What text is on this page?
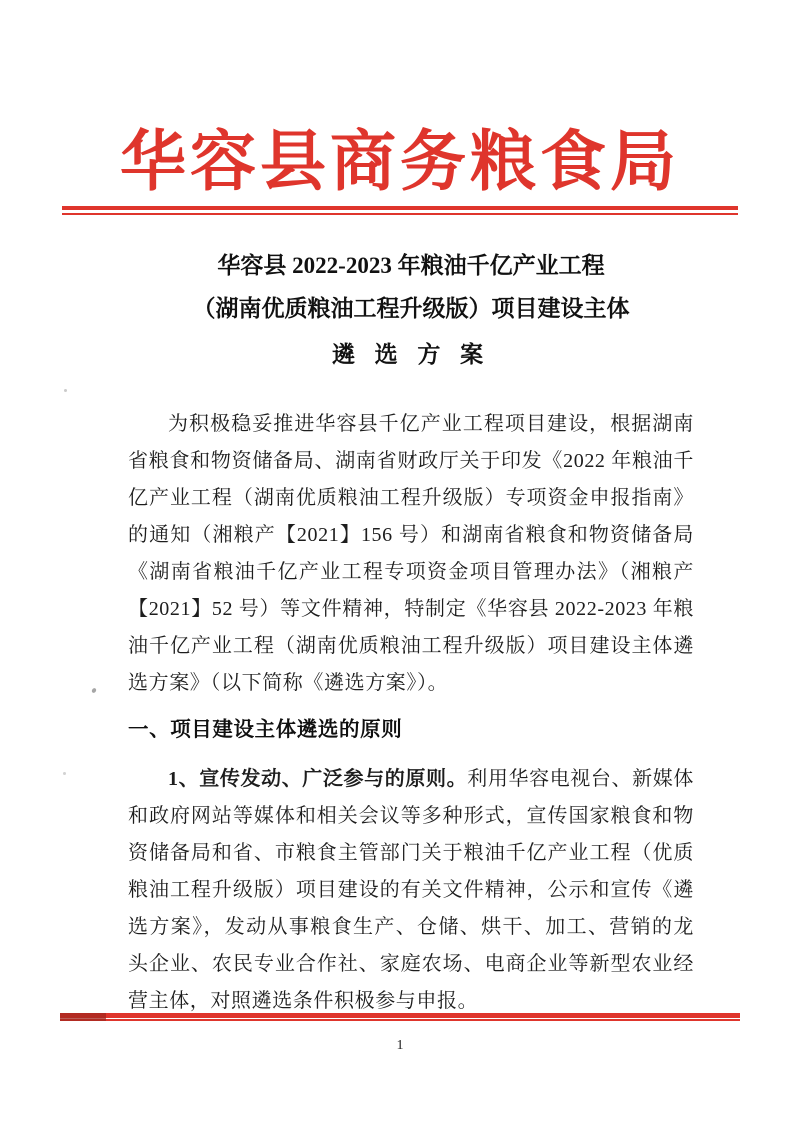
华容县商务粮食局
华容县 2022-2023 年粮油千亿产业工程
（湖南优质粮油工程升级版）项目建设主体
遴 选 方 案

为积极稳妥推进华容县千亿产业工程项目建设，根据湖南省粮食和物资储备局、湖南省财政厅关于印发《2022 年粮油千亿产业工程（湖南优质粮油工程升级版）专项资金申报指南》的通知（湘粮产【2021】156 号）和湖南省粮食和物资储备局《湖南省粮油千亿产业工程专项资金项目管理办法》（湘粮产【2021】52 号）等文件精神，特制定《华容县 2022-2023 年粮油千亿产业工程（湖南优质粮油工程升级版）项目建设主体遴选方案》（以下简称《遴选方案》）。

一、项目建设主体遴选的原则

1、宣传发动、广泛参与的原则。利用华容电视台、新媒体和政府网站等媒体和相关会议等多种形式，宣传国家粮食和物资储备局和省、市粮食主管部门关于粮油千亿产业工程（优质粮油工程升级版）项目建设的有关文件精神，公示和宣传《遴选方案》，发动从事粮食生产、仓储、烘干、加工、营销的龙头企业、农民专业合作社、家庭农场、电商企业等新型农业经营主体，对照遴选条件积极参与申报。

1
